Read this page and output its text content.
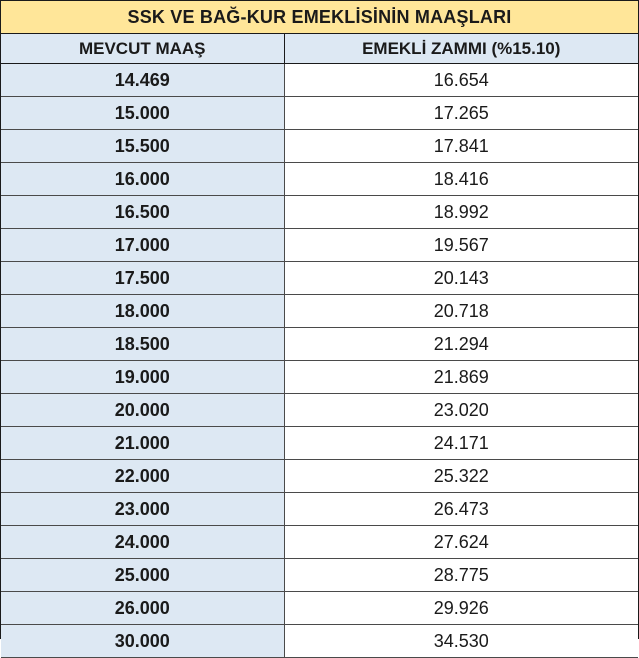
SSK VE BAĞ-KUR EMEKLİSİNİN MAAŞLARI
MEVCUT MAAŞ	EMEKLİ ZAMMI (%15.10)
14.469	16.654
15.000	17.265
15.500	17.841
16.000	18.416
16.500	18.992
17.000	19.567
17.500	20.143
18.000	20.718
18.500	21.294
19.000	21.869
20.000	23.020
21.000	24.171
22.000	25.322
23.000	26.473
24.000	27.624
25.000	28.775
26.000	29.926
30.000	34.530
